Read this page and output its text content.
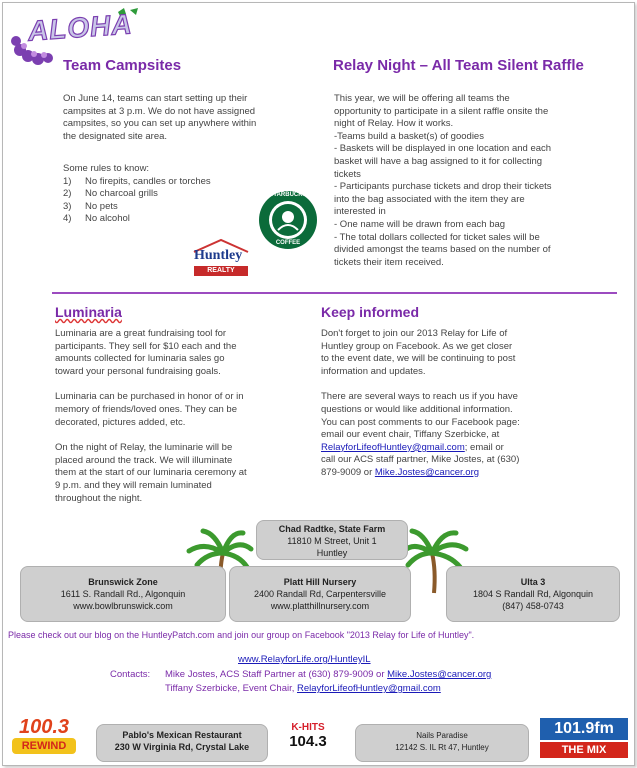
ALOHA
Team Campsites
On June 14, teams can start setting up their
campsites at 3 p.m. We do not have assigned
campsites, so you can set up anywhere within
the designated site area.
Some rules to know:
1) No firepits, candles or torches
2) No charcoal grills
3) No pets
4) No alcohol
Huntley
REALTY
STARBUCKS
COFFEE
Relay Night – All Team Silent Raffle
This year, we will be offering all teams the
opportunity to participate in a silent raffle onsite the
night of Relay. How it works.
-Teams build a basket(s) of goodies
- Baskets will be displayed in one location and each
basket will have a bag assigned to it for collecting
tickets
- Participants purchase tickets and drop their tickets
into the bag associated with the item they are
interested in
- One name will be drawn from each bag
- The total dollars collected for ticket sales will be
divided amongst the teams based on the number of
tickets their item received.
Luminaria
Luminaria are a great fundraising tool for
participants. They sell for $10 each and the
amounts collected for luminaria sales go
toward your personal fundraising goals.
Luminaria can be purchased in honor of or in
memory of friends/loved ones. They can be
decorated, pictures added, etc.
On the night of Relay, the luminarie will be
placed around the track. We will illuminate
them at the start of our luminaria ceremony at
9 p.m. and they will remain luminated
throughout the night.
Keep informed
Don't forget to join our 2013 Relay for Life of
Huntley group on Facebook. As we get closer
to the event date, we will be continuing to post
information and updates.
There are several ways to reach us if you have
questions or would like additional information.
You can post comments to our Facebook page:
email our event chair, Tiffany Szerbicke, at
RelayforLifeofHuntley@gmail.com; email or
call our ACS staff partner, Mike Jostes, at (630)
879-9009 or Mike.Jostes@cancer.org
Chad Radtke, State Farm
11810 M Street, Unit 1
Huntley
Brunswick Zone
1611 S. Randall Rd., Algonquin
www.bowlbrunswick.com
Platt Hill Nursery
2400 Randall Rd, Carpentersville
www.platthillnursery.com
Ulta 3
1804 S Randall Rd, Algonquin
(847) 458-0743
Please check out our blog on the HuntleyPatch.com and join our group on Facebook "2013 Relay for Life of Huntley".
www.RelayforLife.org/HuntleyIL
Contacts: Mike Jostes, ACS Staff Partner at (630) 879-9009 or Mike.Jostes@cancer.org
Tiffany Szerbicke, Event Chair, RelayforLifeofHuntley@gmail.com
100.3
REWIND
Pablo's Mexican Restaurant
230 W Virginia Rd, Crystal Lake
K-HITS
104.3	Nails Paradise
12142 S. IL Rt 47, Huntley
101.9fm
THE MIX
